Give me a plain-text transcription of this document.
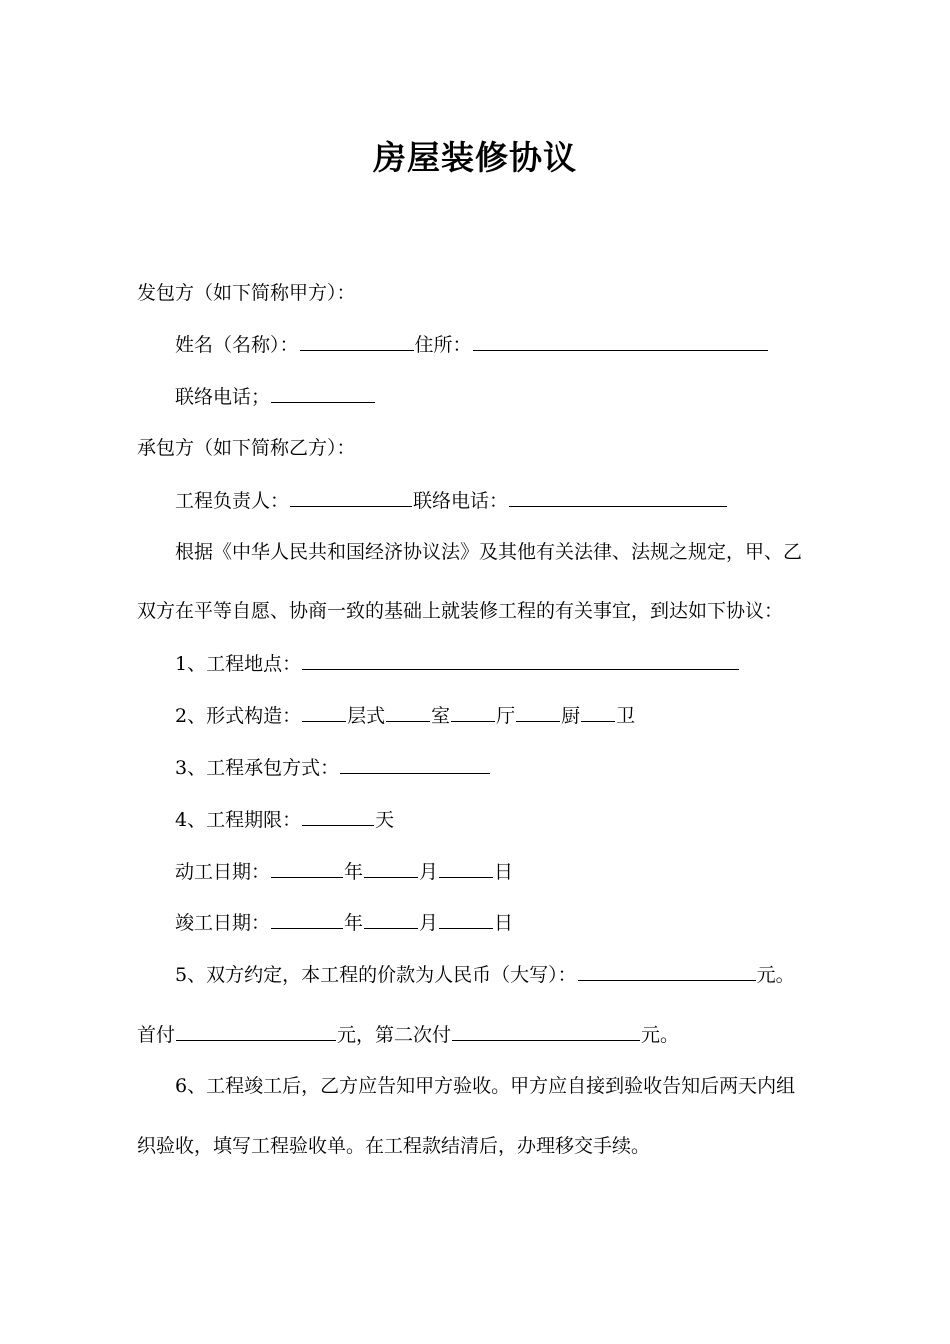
房屋装修协议
发包方（如下简称甲方）：
姓名（名称）：	住所：
联络电话；
承包方（如下简称乙方）：
工程负责人：	联络电话：
根据《中华人民共和国经济协议法》及其他有关法律、法规之规定，甲、乙
双方在平等自愿、协商一致的基础上就装修工程的有关事宜，到达如下协议：
1、工程地点：
2、形式构造： 层式 室 厅 厨 卫
3、工程承包方式：
4、工程期限：	天
动工日期：	年	月	日
竣工日期：	年	月	日
5、双方约定，本工程的价款为人民币（大写）：	元。
首付	元，第二次付	元。
6、工程竣工后，乙方应告知甲方验收。甲方应自接到验收告知后两天内组
织验收，填写工程验收单。在工程款结清后，办理移交手续。
